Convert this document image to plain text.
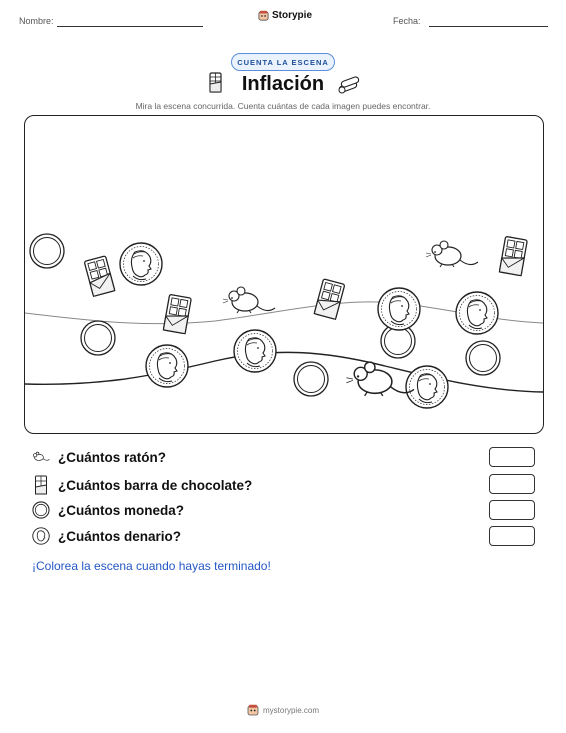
Nombre:	Storypie	Fecha:
CUENTA LA ESCENA
Inflación
Mira la escena concurrida. Cuenta cuántas de cada imagen puedes encontrar.
¿Cuántos ratón?
¿Cuántos barra de chocolate?
¿Cuántos moneda?
¿Cuántos denario?
¡Colorea la escena cuando hayas terminado!
mystorypie.com
